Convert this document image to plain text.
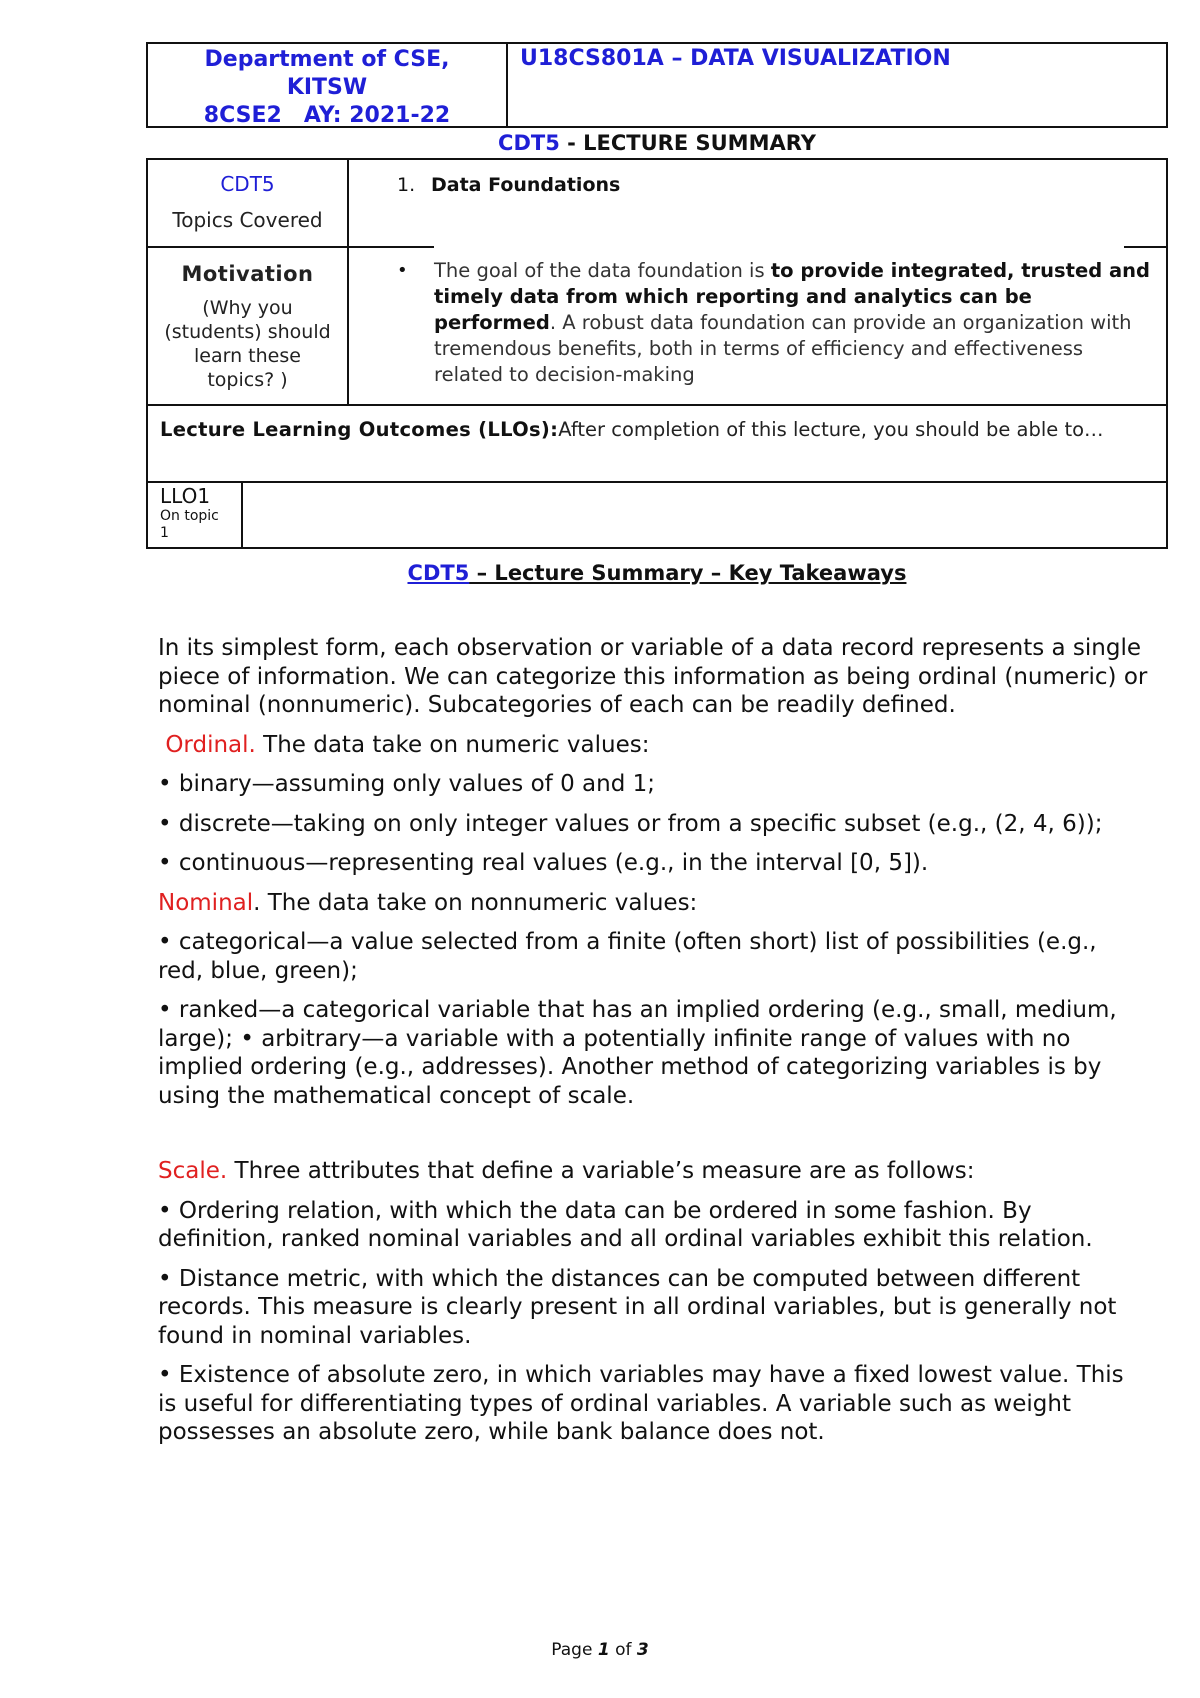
Department of CSE,
KITSW
8CSE2 AY: 2021-22
U18CS801A – DATA VISUALIZATION
CDT5 - LECTURE SUMMARY
CDT5
Topics Covered
1. Data Foundations
Motivation
(Why you
(students) should
learn these
topics? )
• The goal of the data foundation is to provide integrated, trusted and timely data from which reporting and analytics can be performed. A robust data foundation can provide an organization with tremendous benefits, both in terms of efficiency and effectiveness related to decision-making
Lecture Learning Outcomes (LLOs):After completion of this lecture, you should be able to…
LLO1
On topic
1
CDT5 – Lecture Summary – Key Takeaways

In its simplest form, each observation or variable of a data record represents a single piece of information. We can categorize this information as being ordinal (numeric) or nominal (nonnumeric). Subcategories of each can be readily defined.

Ordinal. The data take on numeric values:

• binary—assuming only values of 0 and 1;

• discrete—taking on only integer values or from a specific subset (e.g., (2, 4, 6));

• continuous—representing real values (e.g., in the interval [0, 5]).

Nominal. The data take on nonnumeric values:

• categorical—a value selected from a finite (often short) list of possibilities (e.g., red, blue, green);

• ranked—a categorical variable that has an implied ordering (e.g., small, medium, large); • arbitrary—a variable with a potentially infinite range of values with no implied ordering (e.g., addresses). Another method of categorizing variables is by using the mathematical concept of scale.

Scale. Three attributes that define a variable’s measure are as follows:

• Ordering relation, with which the data can be ordered in some fashion. By definition, ranked nominal variables and all ordinal variables exhibit this relation.

• Distance metric, with which the distances can be computed between different records. This measure is clearly present in all ordinal variables, but is generally not found in nominal variables.

• Existence of absolute zero, in which variables may have a fixed lowest value. This is useful for differentiating types of ordinal variables. A variable such as weight possesses an absolute zero, while bank balance does not.

Page 1 of 3
